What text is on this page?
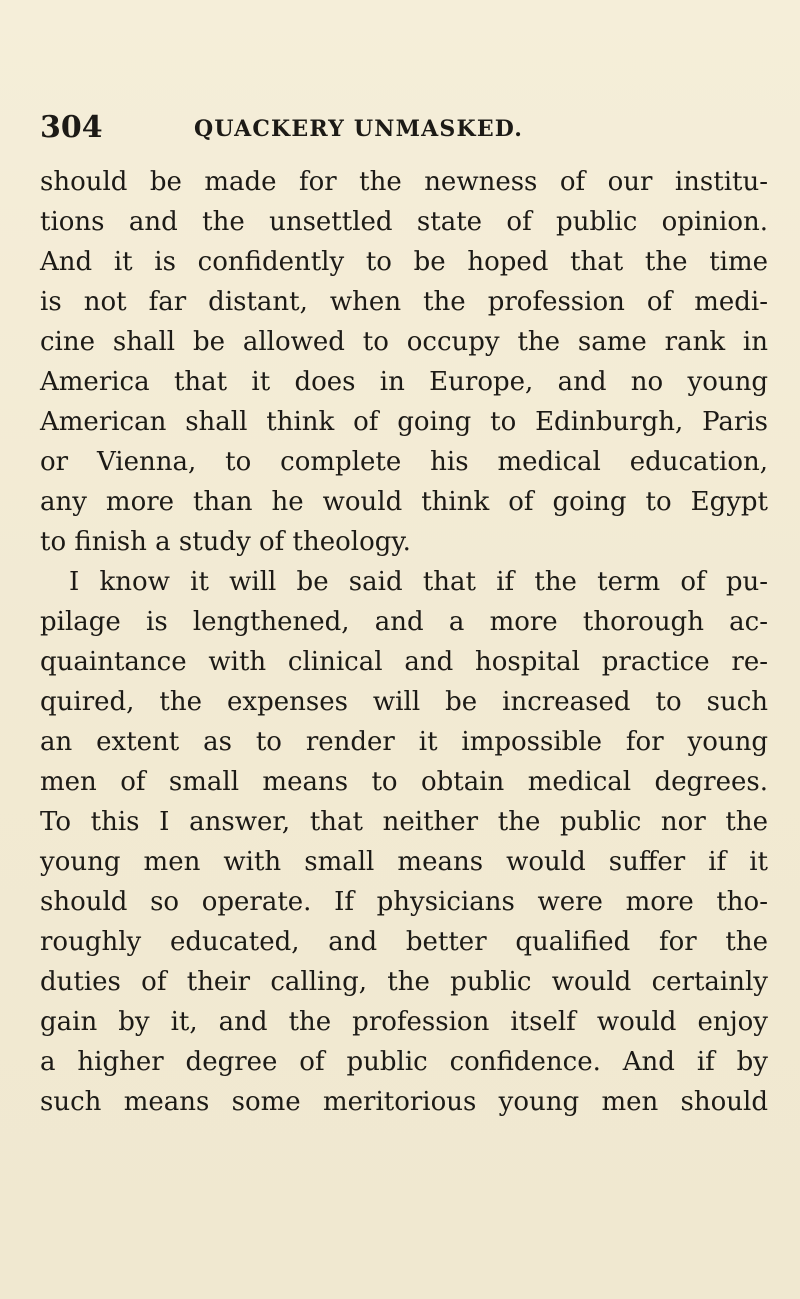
304	QUACKERY UNMASKED.
should be made for the newness of our institu-
tions and the unsettled state of public opinion.
And it is confidently to be hoped that the time
is not far distant, when the profession of medi-
cine shall be allowed to occupy the same rank in
America that it does in Europe, and no young
American shall think of going to Edinburgh, Paris
or Vienna, to complete his medical education,
any more than he would think of going to Egypt
to finish a study of theology.
I know it will be said that if the term of pu-
pilage is lengthened, and a more thorough ac-
quaintance with clinical and hospital practice re-
quired, the expenses will be increased to such
an extent as to render it impossible for young
men of small means to obtain medical degrees.
To this I answer, that neither the public nor the
young men with small means would suffer if it
should so operate. If physicians were more tho-
roughly educated, and better qualified for the
duties of their calling, the public would certainly
gain by it, and the profession itself would enjoy
a higher degree of public confidence. And if by
such means some meritorious young men should
